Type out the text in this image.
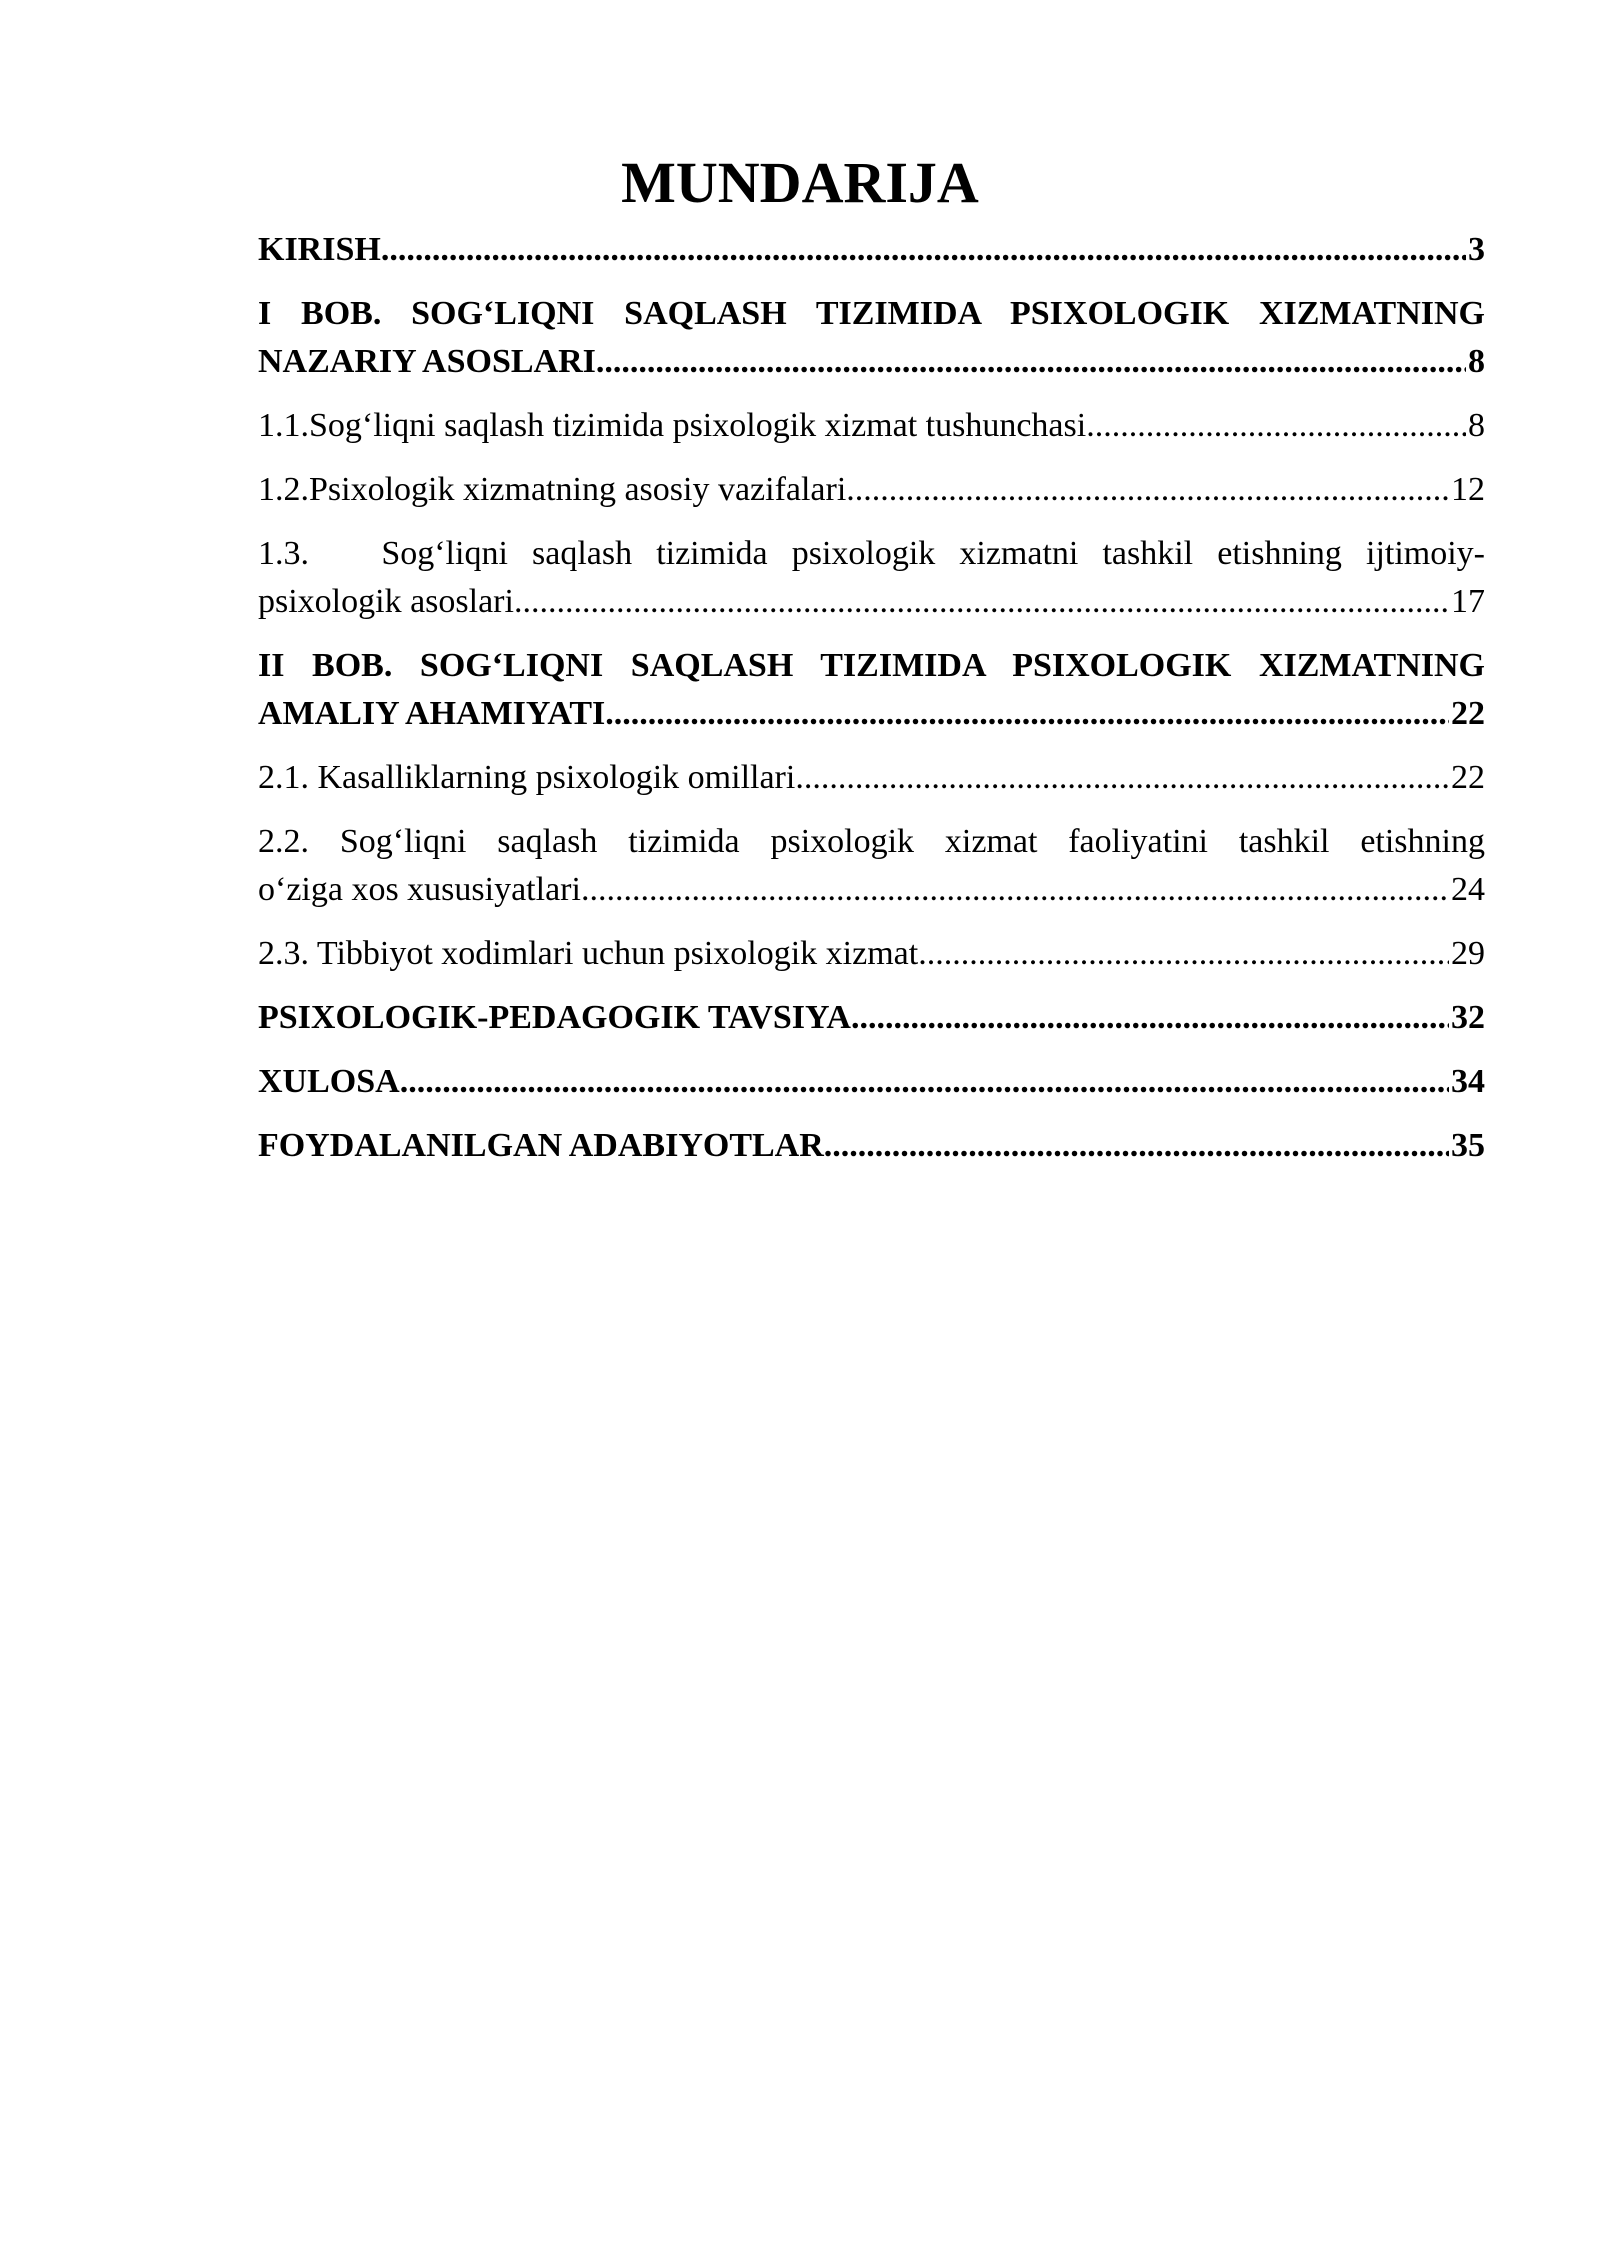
MUNDARIJA
KIRISH .....	3
I BOB. SOG‘LIQNI SAQLASH TIZIMIDA PSIXOLOGIK XIZMATNING
NAZARIY ASOSLARI .....	8
1.1. Sog‘liqni saqlash tizimida psixologik xizmat tushunchasi .....	8
1.2. Psixologik xizmatning asosiy vazifalari .....	12
1.3.   Sog‘liqni saqlash tizimida psixologik xizmatni tashkil etishning ijtimoiy-
psixologik asoslari .....	17
II BOB. SOG‘LIQNI SAQLASH TIZIMIDA PSIXOLOGIK XIZMATNING
AMALIY AHAMIYATI .....	22
2.1. Kasalliklarning psixologik omillari .....	22
2.2. Sog‘liqni saqlash tizimida psixologik xizmat faoliyatini tashkil etishning
o‘ziga xos xususiyatlari .....	24
2.3. Tibbiyot xodimlari uchun psixologik xizmat .....	29
PSIXOLOGIK-PEDAGOGIK TAVSIYA .....	32
XULOSA .....	34
FOYDALANILGAN ADABIYOTLAR .....	35
